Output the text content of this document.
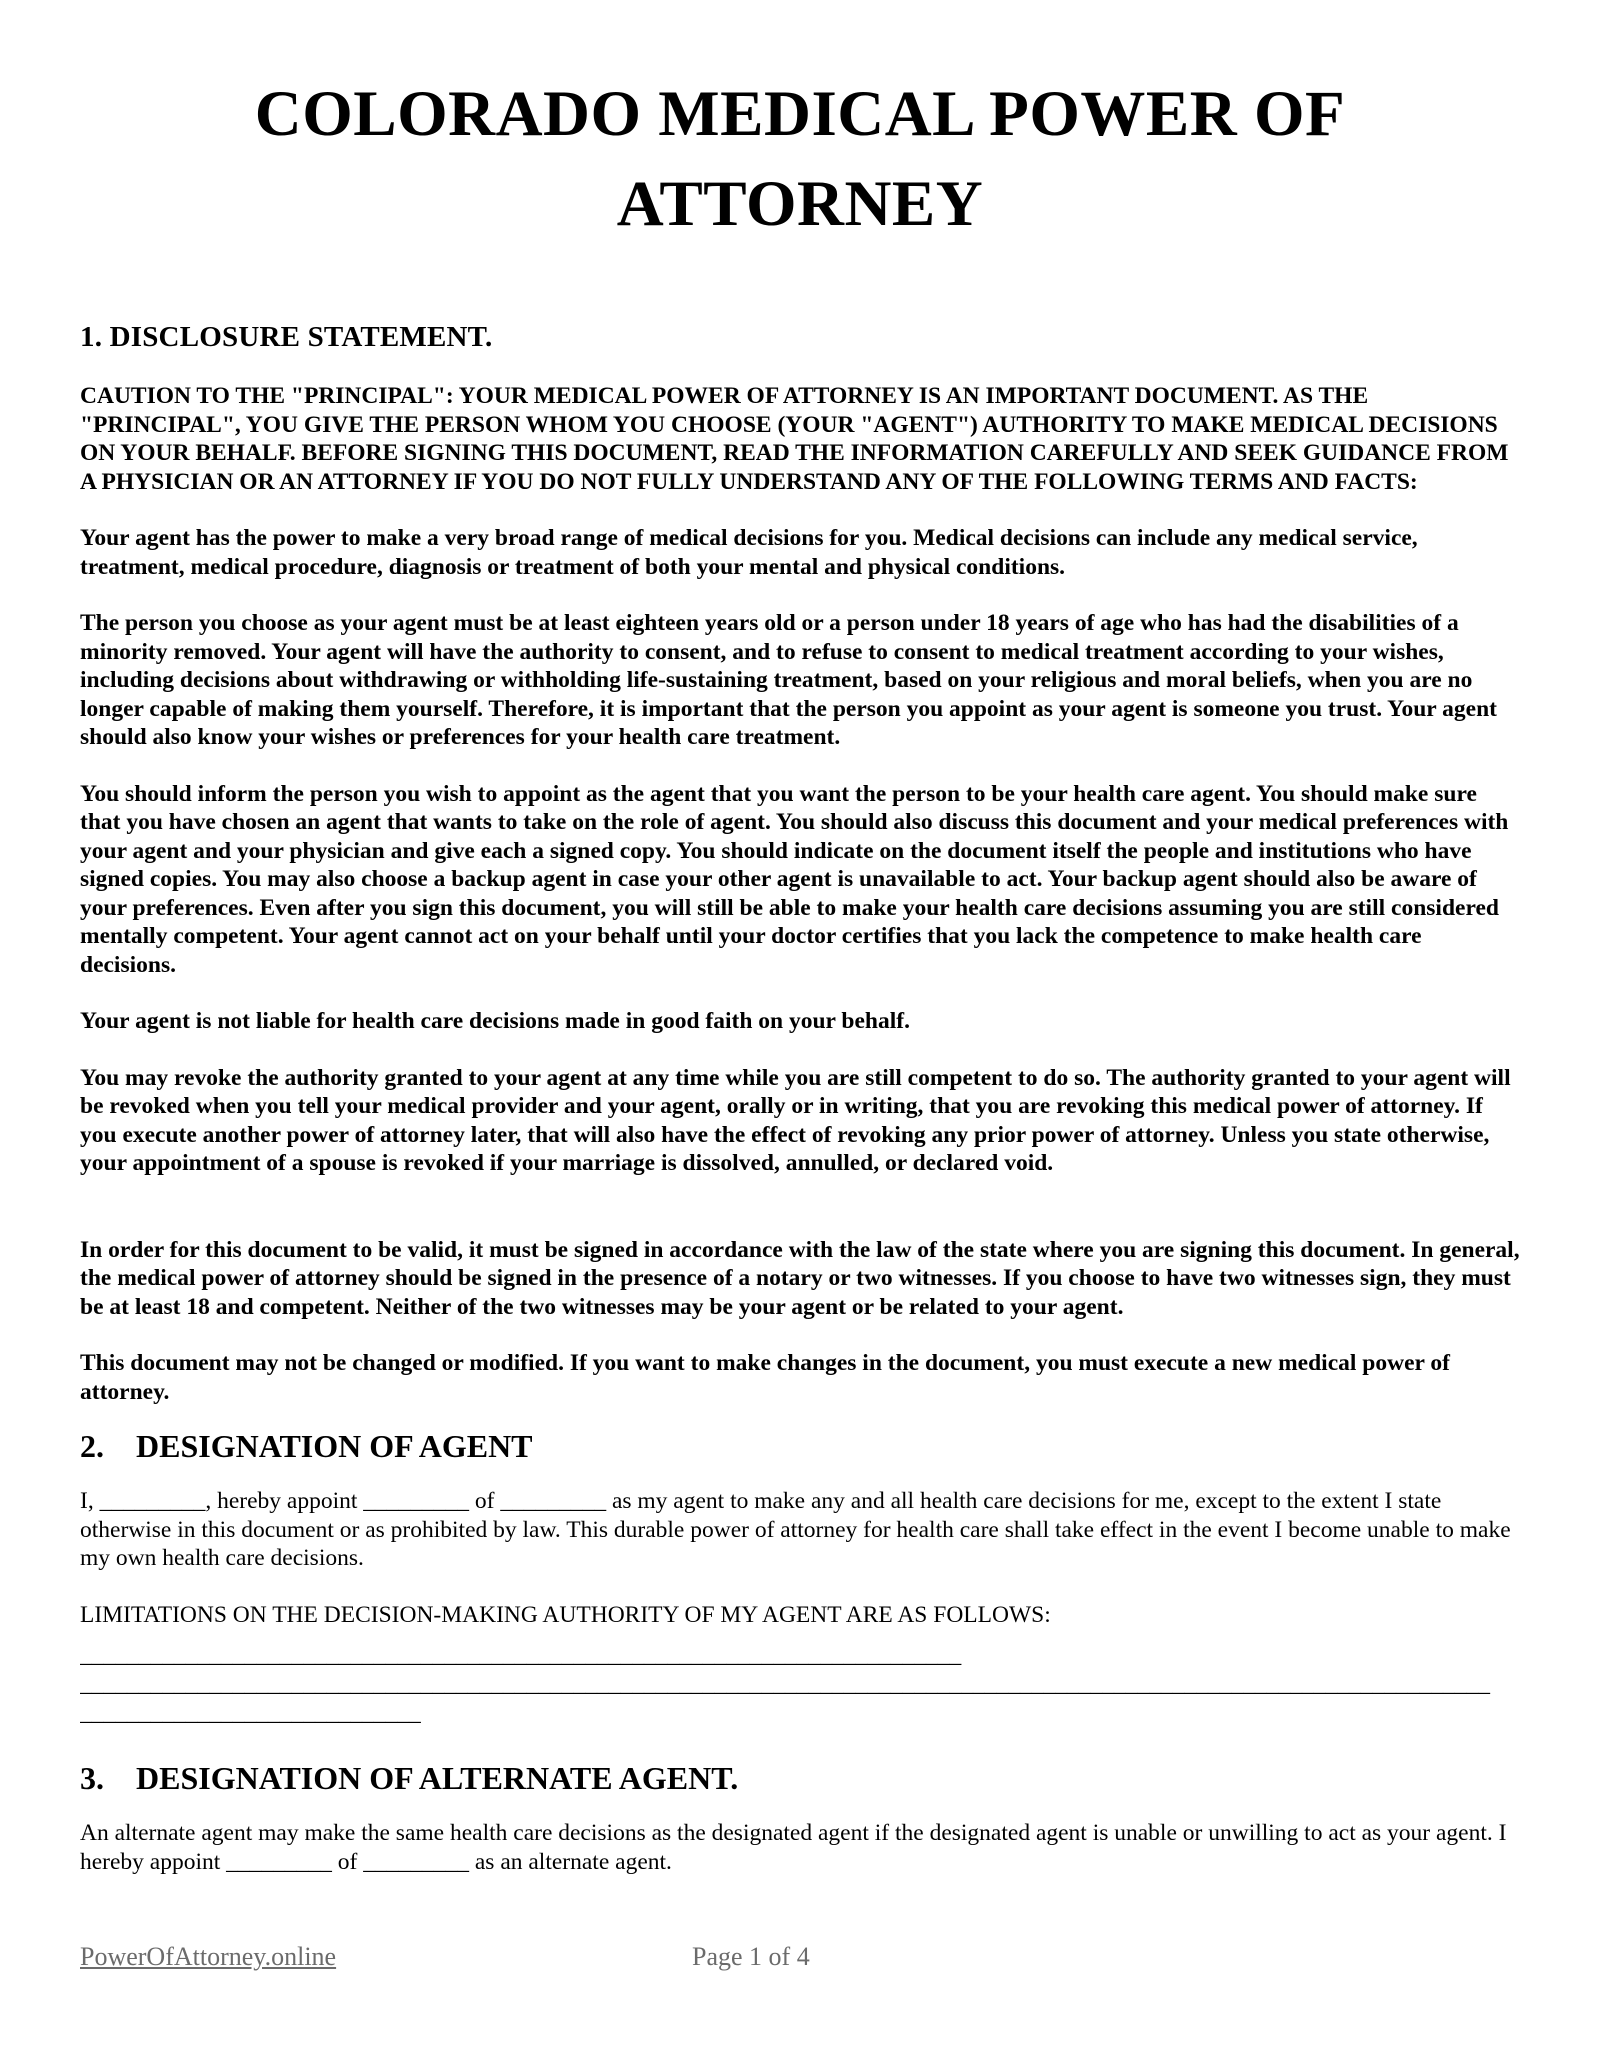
COLORADO MEDICAL POWER OF ATTORNEY
1. DISCLOSURE STATEMENT.

CAUTION TO THE "PRINCIPAL": YOUR MEDICAL POWER OF ATTORNEY IS AN IMPORTANT DOCUMENT. AS THE "PRINCIPAL", YOU GIVE THE PERSON WHOM YOU CHOOSE (YOUR "AGENT") AUTHORITY TO MAKE MEDICAL DECISIONS ON YOUR BEHALF. BEFORE SIGNING THIS DOCUMENT, READ THE INFORMATION CAREFULLY AND SEEK GUIDANCE FROM A PHYSICIAN OR AN ATTORNEY IF YOU DO NOT FULLY UNDERSTAND ANY OF THE FOLLOWING TERMS AND FACTS:

Your agent has the power to make a very broad range of medical decisions for you. Medical decisions can include any medical service, treatment, medical procedure, diagnosis or treatment of both your mental and physical conditions.

The person you choose as your agent must be at least eighteen years old or a person under 18 years of age who has had the disabilities of a minority removed. Your agent will have the authority to consent, and to refuse to consent to medical treatment according to your wishes, including decisions about withdrawing or withholding life-sustaining treatment, based on your religious and moral beliefs, when you are no longer capable of making them yourself. Therefore, it is important that the person you appoint as your agent is someone you trust. Your agent should also know your wishes or preferences for your health care treatment.

You should inform the person you wish to appoint as the agent that you want the person to be your health care agent. You should make sure that you have chosen an agent that wants to take on the role of agent. You should also discuss this document and your medical preferences with your agent and your physician and give each a signed copy. You should indicate on the document itself the people and institutions who have signed copies. You may also choose a backup agent in case your other agent is unavailable to act. Your backup agent should also be aware of your preferences. Even after you sign this document, you will still be able to make your health care decisions assuming you are still considered mentally competent. Your agent cannot act on your behalf until your doctor certifies that you lack the competence to make health care decisions.

Your agent is not liable for health care decisions made in good faith on your behalf.

You may revoke the authority granted to your agent at any time while you are still competent to do so. The authority granted to your agent will be revoked when you tell your medical provider and your agent, orally or in writing, that you are revoking this medical power of attorney. If you execute another power of attorney later, that will also have the effect of revoking any prior power of attorney. Unless you state otherwise, your appointment of a spouse is revoked if your marriage is dissolved, annulled, or declared void.

In order for this document to be valid, it must be signed in accordance with the law of the state where you are signing this document. In general, the medical power of attorney should be signed in the presence of a notary or two witnesses. If you choose to have two witnesses sign, they must be at least 18 and competent. Neither of the two witnesses may be your agent or be related to your agent.

This document may not be changed or modified. If you want to make changes in the document, you must execute a new medical power of attorney.

2. DESIGNATION OF AGENT

I, _________, hereby appoint _________ of _________ as my agent to make any and all health care decisions for me, except to the extent I state otherwise in this document or as prohibited by law. This durable power of attorney for health care shall take effect in the event I become unable to make my own health care decisions.

LIMITATIONS ON THE DECISION-MAKING AUTHORITY OF MY AGENT ARE AS FOLLOWS:

___________________________________________________________________________

________________________________________________________________________________________________________________________

_____________________________

3. DESIGNATION OF ALTERNATE AGENT.

An alternate agent may make the same health care decisions as the designated agent if the designated agent is unable or unwilling to act as your agent. I hereby appoint _________ of _________ as an alternate agent.

PowerOfAttorney.online	Page 1 of 4
